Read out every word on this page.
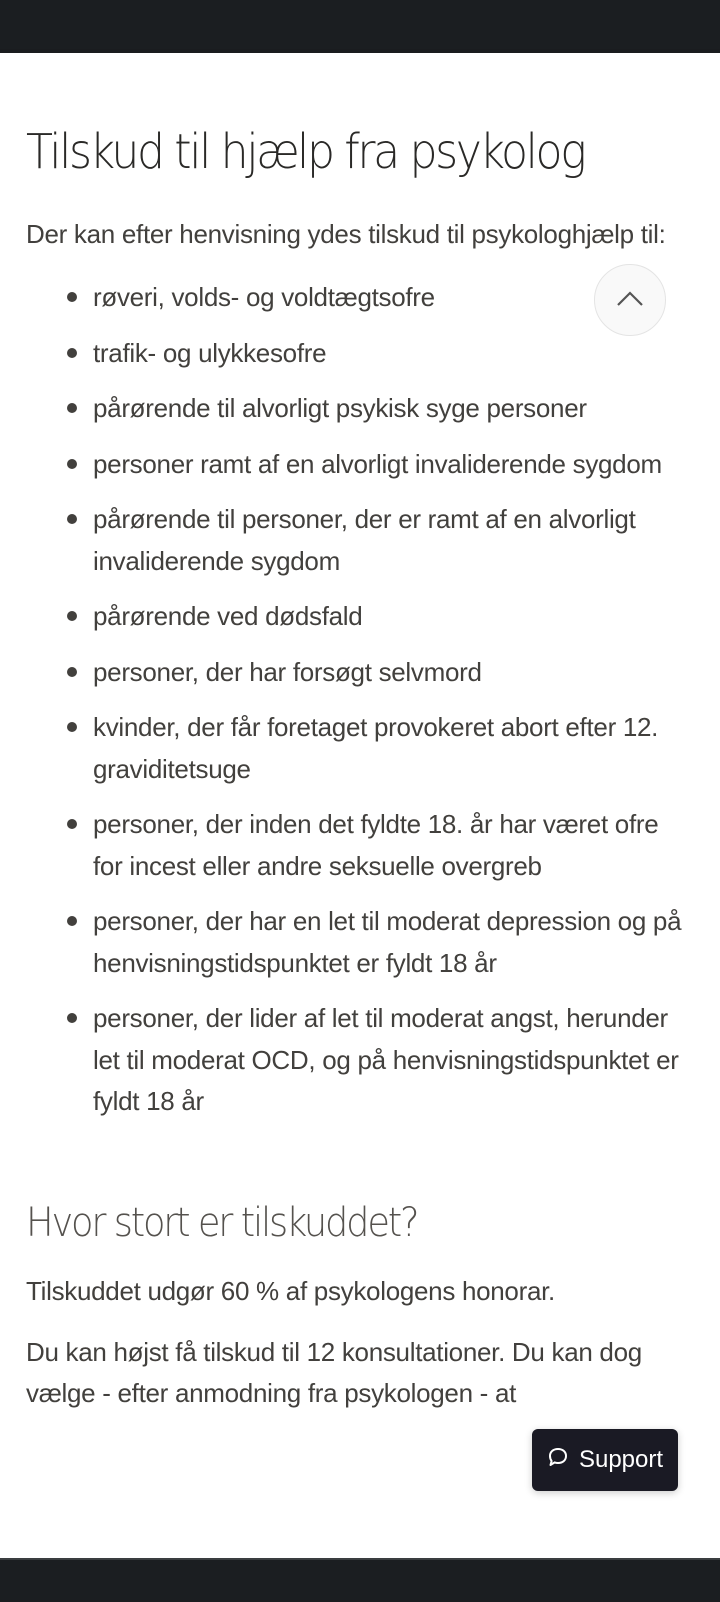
Tilskud til hjælp fra psykolog

Der kan efter henvisning ydes tilskud til psykologhjælp til:

røveri, volds- og voldtægtsofre
trafik- og ulykkesofre
pårørende til alvorligt psykisk syge personer
personer ramt af en alvorligt invaliderende sygdom
pårørende til personer, der er ramt af en alvorligt invaliderende sygdom
pårørende ved dødsfald
personer, der har forsøgt selvmord
kvinder, der får foretaget provokeret abort efter 12. graviditetsuge
personer, der inden det fyldte 18. år har været ofre for incest eller andre seksuelle overgreb
personer, der har en let til moderat depression og på henvisningstidspunktet er fyldt 18 år
personer, der lider af let til moderat angst, herunder let til moderat OCD, og på henvisningstidspunktet er fyldt 18 år
Hvor stort er tilskuddet?

Tilskuddet udgør 60 % af psykologens honorar.

Du kan højst få tilskud til 12 konsultationer. Du kan dog vælge - efter anmodning fra psykologen - at

Support
